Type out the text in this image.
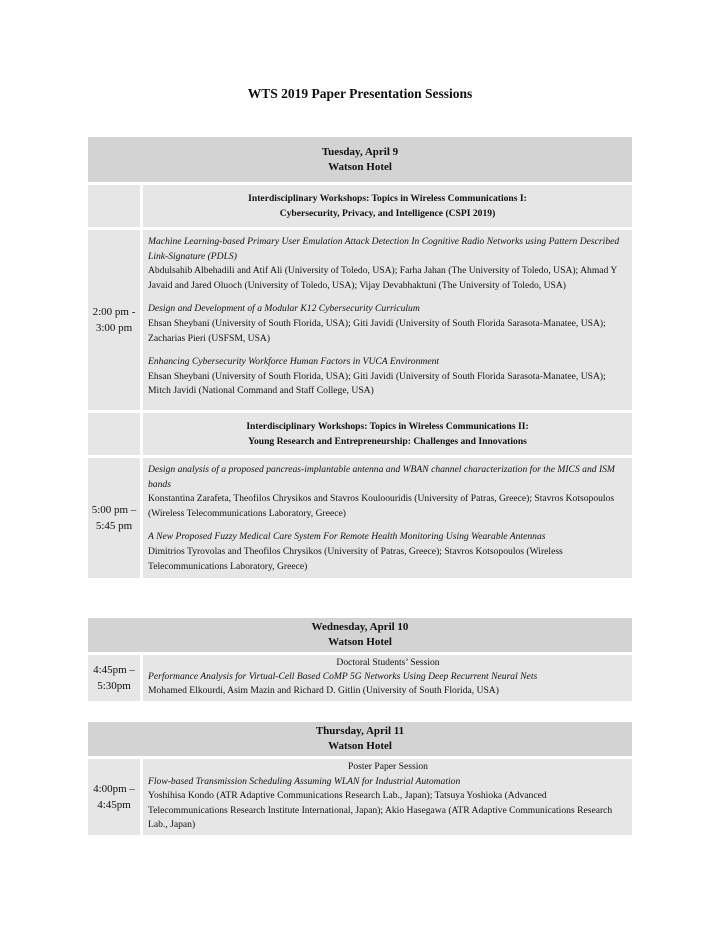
WTS 2019 Paper Presentation Sessions
Tuesday, April 9
Watson Hotel
Interdisciplinary Workshops: Topics in Wireless Communications I:
Cybersecurity, Privacy, and Intelligence (CSPI 2019)
2:00 pm - 3:00 pm
Machine Learning-based Primary User Emulation Attack Detection In Cognitive Radio Networks using Pattern Described Link-Signature (PDLS)
Abdulsahib Albehadili and Atif Ali (University of Toledo, USA); Farha Jahan (The University of Toledo, USA); Ahmad Y Javaid and Jared Oluoch (University of Toledo, USA); Vijay Devabhaktuni (The University of Toledo, USA)
Design and Development of a Modular K12 Cybersecurity Curriculum
Ehsan Sheybani (University of South Florida, USA); Giti Javidi (University of South Florida Sarasota-Manatee, USA); Zacharias Pieri (USFSM, USA)
Enhancing Cybersecurity Workforce Human Factors in VUCA Environment
Ehsan Sheybani (University of South Florida, USA); Giti Javidi (University of South Florida Sarasota-Manatee, USA); Mitch Javidi (National Command and Staff College, USA)
Interdisciplinary Workshops: Topics in Wireless Communications II:
Young Research and Entrepreneurship: Challenges and Innovations
5:00 pm – 5:45 pm
Design analysis of a proposed pancreas-implantable antenna and WBAN channel characterization for the MICS and ISM bands
Konstantina Zarafeta, Theofilos Chrysikos and Stavros Kouloouridis (University of Patras, Greece); Stavros Kotsopoulos (Wireless Telecommunications Laboratory, Greece)
A New Proposed Fuzzy Medical Care System For Remote Health Monitoring Using Wearable Antennas
Dimitrios Tyrovolas and Theofilos Chrysikos (University of Patras, Greece); Stavros Kotsopoulos (Wireless Telecommunications Laboratory, Greece)
Wednesday, April 10
Watson Hotel
4:45pm – 5:30pm
Doctoral Students’ Session
Performance Analysis for Virtual-Cell Based CoMP 5G Networks Using Deep Recurrent Neural Nets
Mohamed Elkourdi, Asim Mazin and Richard D. Gitlin (University of South Florida, USA)
Thursday, April 11
Watson Hotel
4:00pm – 4:45pm
Poster Paper Session
Flow-based Transmission Scheduling Assuming WLAN for Industrial Automation
Yoshihisa Kondo (ATR Adaptive Communications Research Lab., Japan); Tatsuya Yoshioka (Advanced Telecommunications Research Institute International, Japan); Akio Hasegawa (ATR Adaptive Communications Research Lab., Japan)
